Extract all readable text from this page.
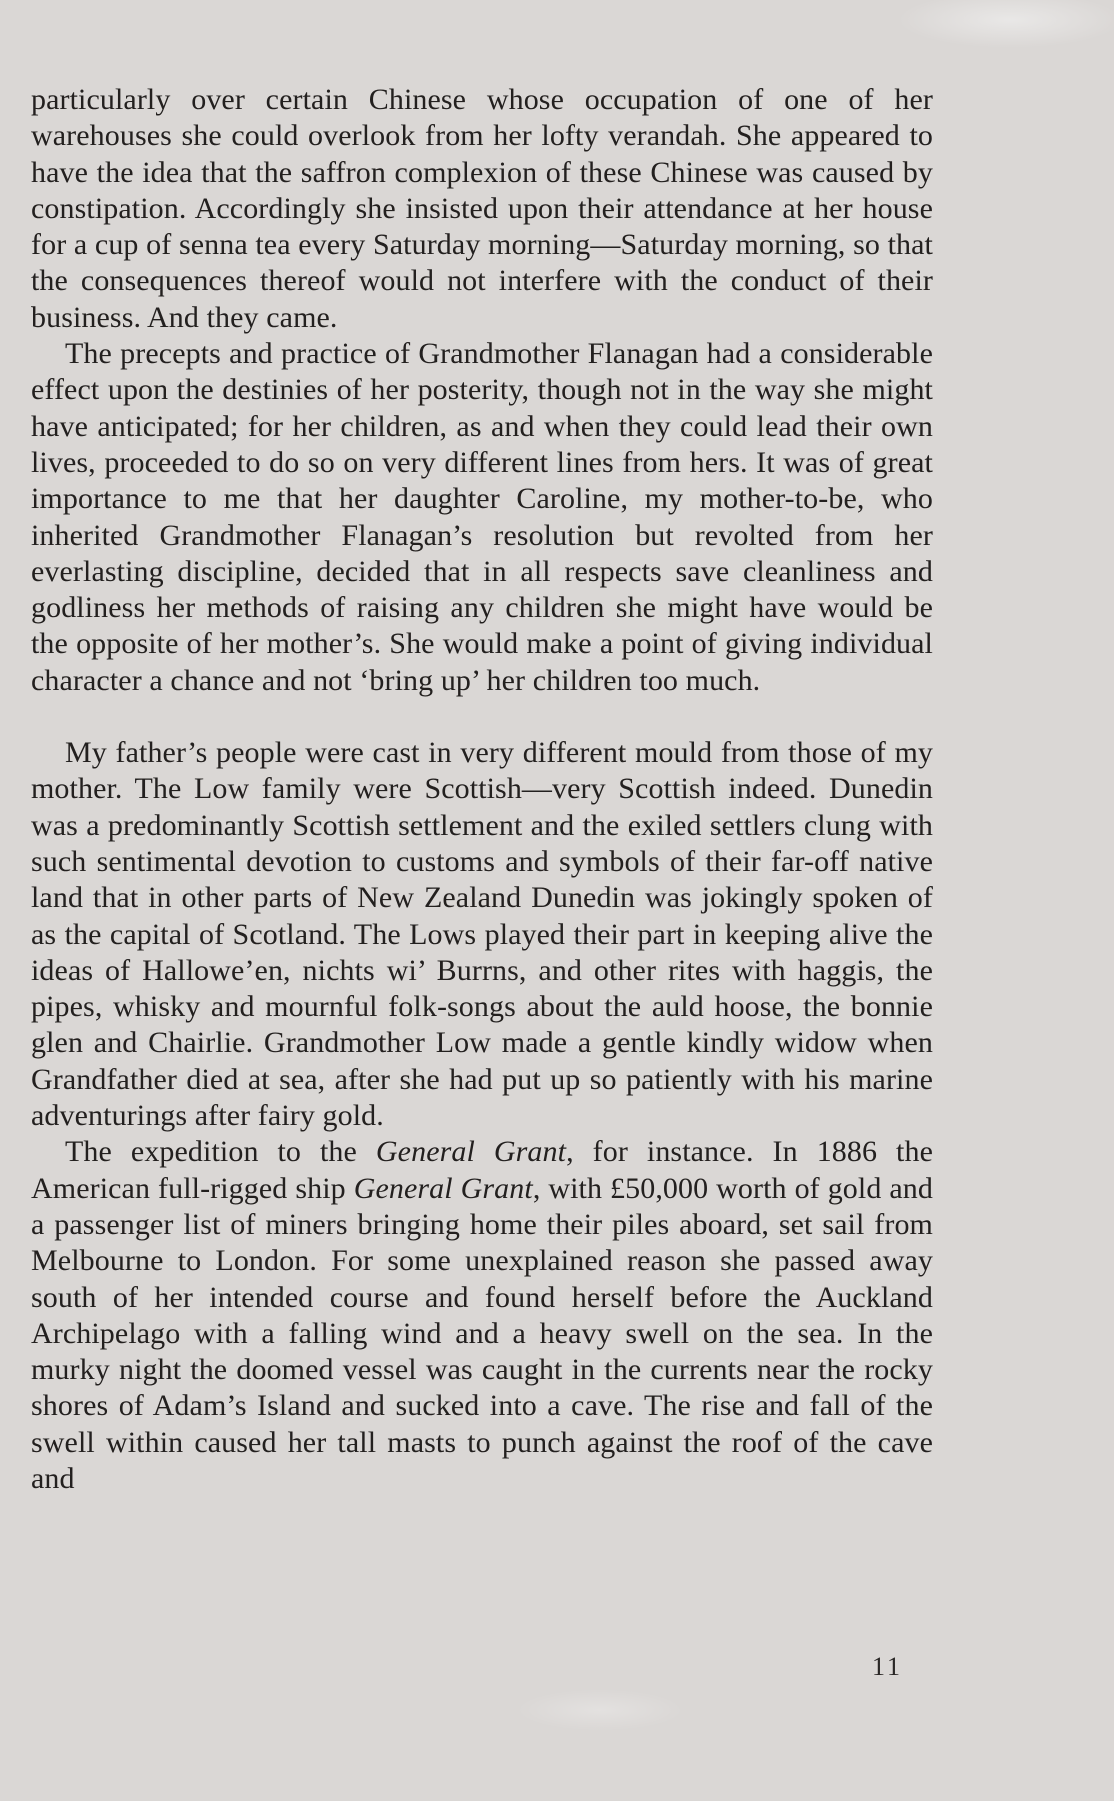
particularly over certain Chinese whose occupation of one of her warehouses she could overlook from her lofty verandah. She appeared to have the idea that the saffron complexion of these Chinese was caused by constipation. Accordingly she insisted upon their attendance at her house for a cup of senna tea every Saturday morning—Saturday morning, so that the consequences thereof would not interfere with the conduct of their business. And they came.

The precepts and practice of Grandmother Flanagan had a considerable effect upon the destinies of her posterity, though not in the way she might have anticipated; for her children, as and when they could lead their own lives, proceeded to do so on very different lines from hers. It was of great importance to me that her daughter Caroline, my mother-to-be, who inherited Grandmother Flanagan’s resolution but revolted from her everlasting discipline, decided that in all respects save cleanliness and godliness her methods of raising any children she might have would be the opposite of her mother’s. She would make a point of giving individual character a chance and not ‘bring up’ her children too much.

My father’s people were cast in very different mould from those of my mother. The Low family were Scottish—very Scottish indeed. Dunedin was a predominantly Scottish settlement and the exiled settlers clung with such sentimental devotion to customs and symbols of their far-off native land that in other parts of New Zealand Dunedin was jokingly spoken of as the capital of Scotland. The Lows played their part in keeping alive the ideas of Hallowe’en, nichts wi’ Burrns, and other rites with haggis, the pipes, whisky and mournful folk-songs about the auld hoose, the bonnie glen and Chairlie. Grandmother Low made a gentle kindly widow when Grandfather died at sea, after she had put up so patiently with his marine adventurings after fairy gold.

The expedition to the General Grant, for instance. In 1886 the American full-rigged ship General Grant, with £50,000 worth of gold and a passenger list of miners bringing home their piles aboard, set sail from Melbourne to London. For some unexplained reason she passed away south of her intended course and found herself before the Auckland Archipelago with a falling wind and a heavy swell on the sea. In the murky night the doomed vessel was caught in the currents near the rocky shores of Adam’s Island and sucked into a cave. The rise and fall of the swell within caused her tall masts to punch against the roof of the cave and

11
